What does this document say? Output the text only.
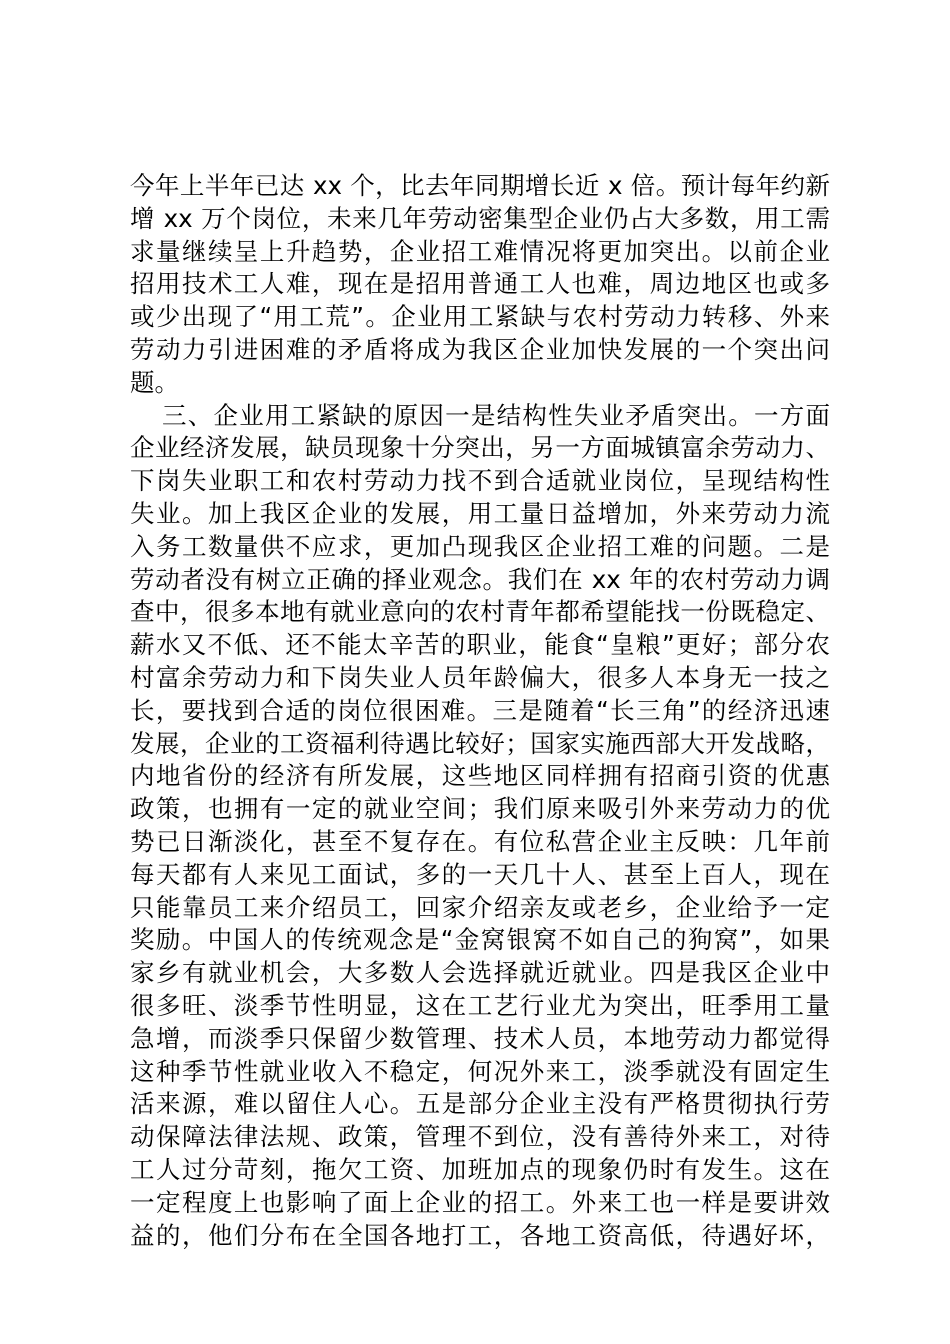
今年上半年已达 xx 个，比去年同期增长近 x 倍。预计每年约新
增 xx 万个岗位，未来几年劳动密集型企业仍占大多数，用工需
求量继续呈上升趋势，企业招工难情况将更加突出。以前企业
招用技术工人难，现在是招用普通工人也难，周边地区也或多
或少出现了“用工荒”。企业用工紧缺与农村劳动力转移、外来
劳动力引进困难的矛盾将成为我区企业加快发展的一个突出问
题。
三、企业用工紧缺的原因一是结构性失业矛盾突出。一方面
企业经济发展，缺员现象十分突出，另一方面城镇富余劳动力、
下岗失业职工和农村劳动力找不到合适就业岗位，呈现结构性
失业。加上我区企业的发展，用工量日益增加，外来劳动力流
入务工数量供不应求，更加凸现我区企业招工难的问题。二是
劳动者没有树立正确的择业观念。我们在 xx 年的农村劳动力调
查中，很多本地有就业意向的农村青年都希望能找一份既稳定、
薪水又不低、还不能太辛苦的职业，能食“皇粮”更好；部分农
村富余劳动力和下岗失业人员年龄偏大，很多人本身无一技之
长，要找到合适的岗位很困难。三是随着“长三角”的经济迅速
发展，企业的工资福利待遇比较好；国家实施西部大开发战略，
内地省份的经济有所发展，这些地区同样拥有招商引资的优惠
政策，也拥有一定的就业空间；我们原来吸引外来劳动力的优
势已日渐淡化，甚至不复存在。有位私营企业主反映：几年前
每天都有人来见工面试，多的一天几十人、甚至上百人，现在
只能靠员工来介绍员工，回家介绍亲友或老乡，企业给予一定
奖励。中国人的传统观念是“金窝银窝不如自己的狗窝”，如果
家乡有就业机会，大多数人会选择就近就业。四是我区企业中
很多旺、淡季节性明显，这在工艺行业尤为突出，旺季用工量
急增，而淡季只保留少数管理、技术人员，本地劳动力都觉得
这种季节性就业收入不稳定，何况外来工，淡季就没有固定生
活来源，难以留住人心。五是部分企业主没有严格贯彻执行劳
动保障法律法规、政策，管理不到位，没有善待外来工，对待
工人过分苛刻，拖欠工资、加班加点的现象仍时有发生。这在
一定程度上也影响了面上企业的招工。外来工也一样是要讲效
益的，他们分布在全国各地打工，各地工资高低，待遇好坏，
